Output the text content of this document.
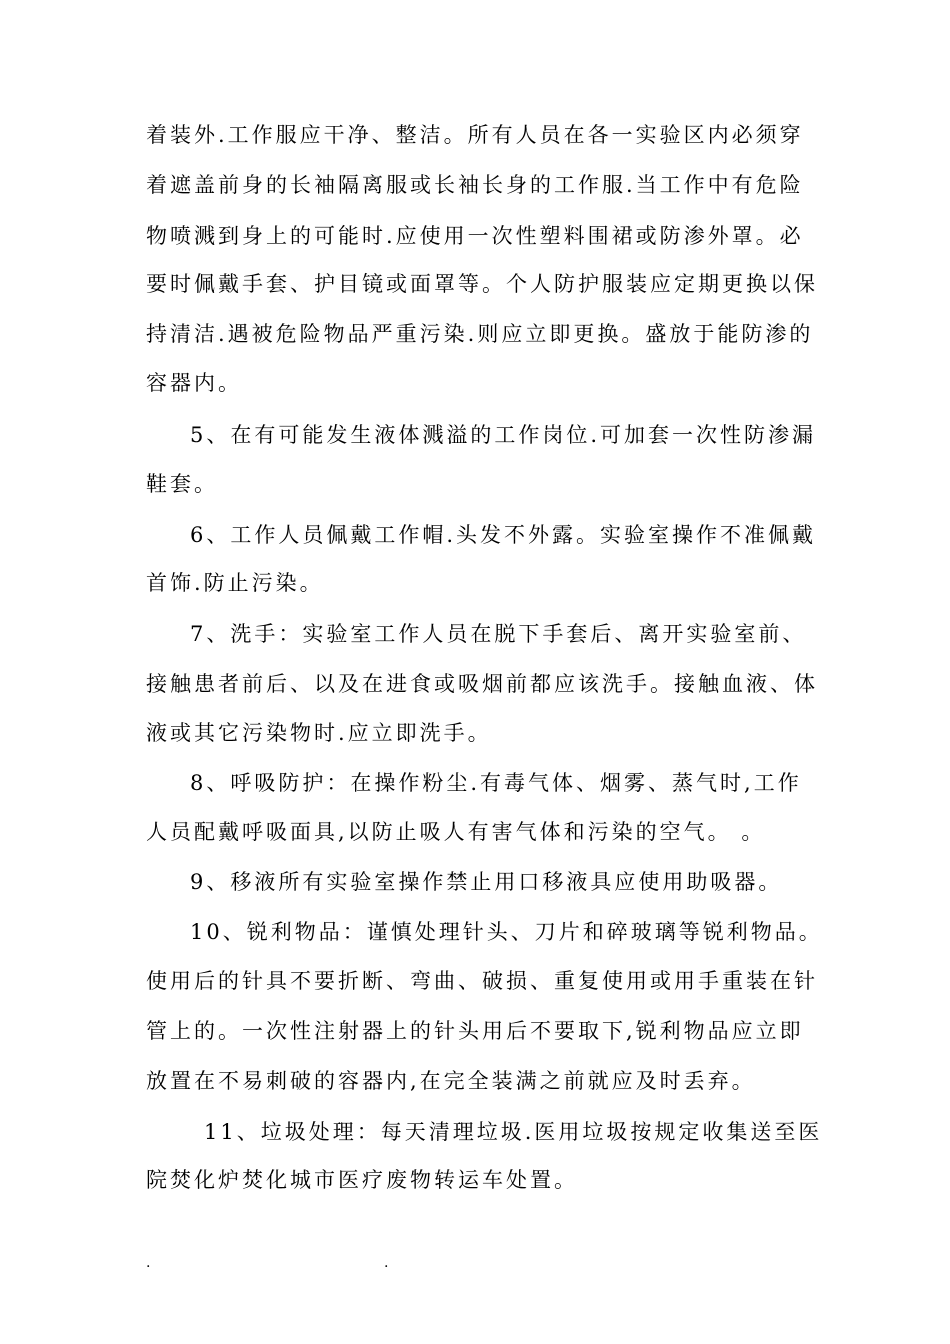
着装外.工作服应干净、整洁。所有人员在各一实验区内必须穿
着遮盖前身的长袖隔离服或长袖长身的工作服.当工作中有危险
物喷溅到身上的可能时.应使用一次性塑料围裙或防渗外罩。必
要时佩戴手套、护目镜或面罩等。个人防护服装应定期更换以保
持清洁.遇被危险物品严重污染.则应立即更换。盛放于能防渗的
容器内。
5、在有可能发生液体溅溢的工作岗位.可加套一次性防渗漏
鞋套。
6、工作人员佩戴工作帽.头发不外露。实验室操作不准佩戴
首饰.防止污染。
7、洗手：实验室工作人员在脱下手套后、离开实验室前、
接触患者前后、以及在进食或吸烟前都应该洗手。接触血液、体
液或其它污染物时.应立即洗手。
8、呼吸防护：在操作粉尘.有毒气体、烟雾、蒸气时,工作
人员配戴呼吸面具,以防止吸人有害气体和污染的空气。 。
9、移液所有实验室操作禁止用口移液具应使用助吸器。
10、锐利物品：谨慎处理针头、刀片和碎玻璃等锐利物品。
使用后的针具不要折断、弯曲、破损、重复使用或用手重装在针
管上的。一次性注射器上的针头用后不要取下,锐利物品应立即
放置在不易刺破的容器内,在完全装满之前就应及时丢弃。
11、垃圾处理：每天清理垃圾.医用垃圾按规定收集送至医
院焚化炉焚化城市医疗废物转运车处置。
.	.
